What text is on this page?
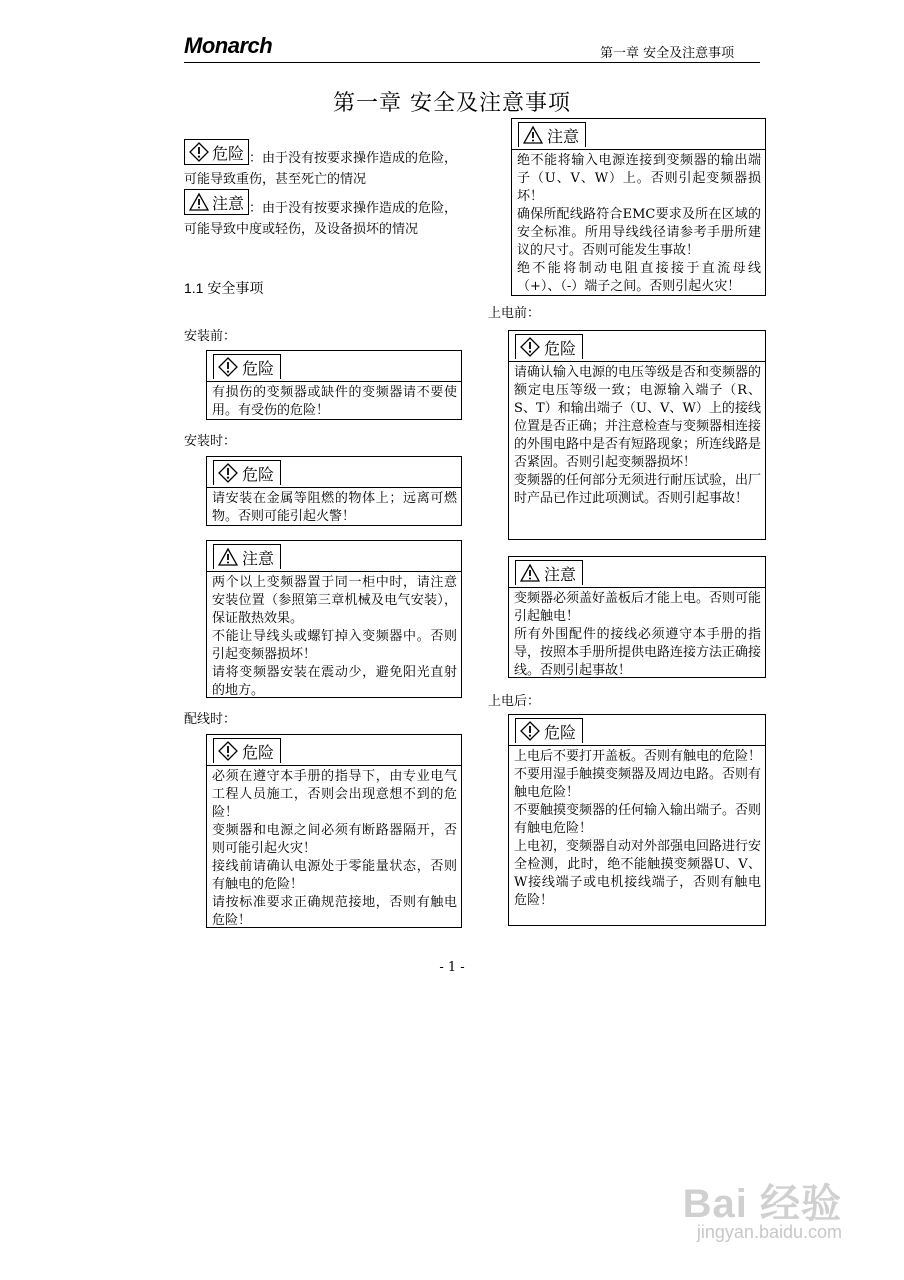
Monarch	第一章 安全及注意事项
第一章 安全及注意事项
危险 ：由于没有按要求操作造成的危险，可能导致重伤，甚至死亡的情况
注意 ：由于没有按要求操作造成的危险，可能导致中度或轻伤，及设备损坏的情况
1.1 安全事项
安装前：
安装时：
配线时：
上电前：
上电后：
危险

有损伤的变频器或缺件的变频器请不要使用。有受伤的危险！

危险

请安装在金属等阻燃的物体上；远离可燃物。否则可能引起火警！

注意

两个以上变频器置于同一柜中时，请注意安装位置（参照第三章机械及电气安装），保证散热效果。

不能让导线头或螺钉掉入变频器中。否则引起变频器损坏！

请将变频器安装在震动少，避免阳光直射的地方。

危险

必须在遵守本手册的指导下，由专业电气工程人员施工，否则会出现意想不到的危险！

变频器和电源之间必须有断路器隔开，否则可能引起火灾！

接线前请确认电源处于零能量状态，否则有触电的危险！

请按标准要求正确规范接地，否则有触电危险！

注意

绝不能将输入电源连接到变频器的输出端子（U、V、W）上。否则引起变频器损坏！

确保所配线路符合EMC要求及所在区域的安全标准。所用导线线径请参考手册所建议的尺寸。否则可能发生事故！

绝不能将制动电阻直接接于直流母线（+）、（-）端子之间。否则引起火灾！

危险

请确认输入电源的电压等级是否和变频器的额定电压等级一致；电源输入端子（R、S、T）和输出端子（U、V、W）上的接线位置是否正确；并注意检查与变频器相连接的外围电路中是否有短路现象；所连线路是否紧固。否则引起变频器损坏！

变频器的任何部分无须进行耐压试验，出厂时产品已作过此项测试。否则引起事故！

注意

变频器必须盖好盖板后才能上电。否则可能引起触电！

所有外围配件的接线必须遵守本手册的指导，按照本手册所提供电路连接方法正确接线。否则引起事故！

危险

上电后不要打开盖板。否则有触电的危险！

不要用湿手触摸变频器及周边电路。否则有触电危险！

不要触摸变频器的任何输入输出端子。否则有触电危险！

上电初，变频器自动对外部强电回路进行安全检测，此时，绝不能触摸变频器U、V、W接线端子或电机接线端子，否则有触电危险！

- 1 -
Bai 经验
jingyan.baidu.com
